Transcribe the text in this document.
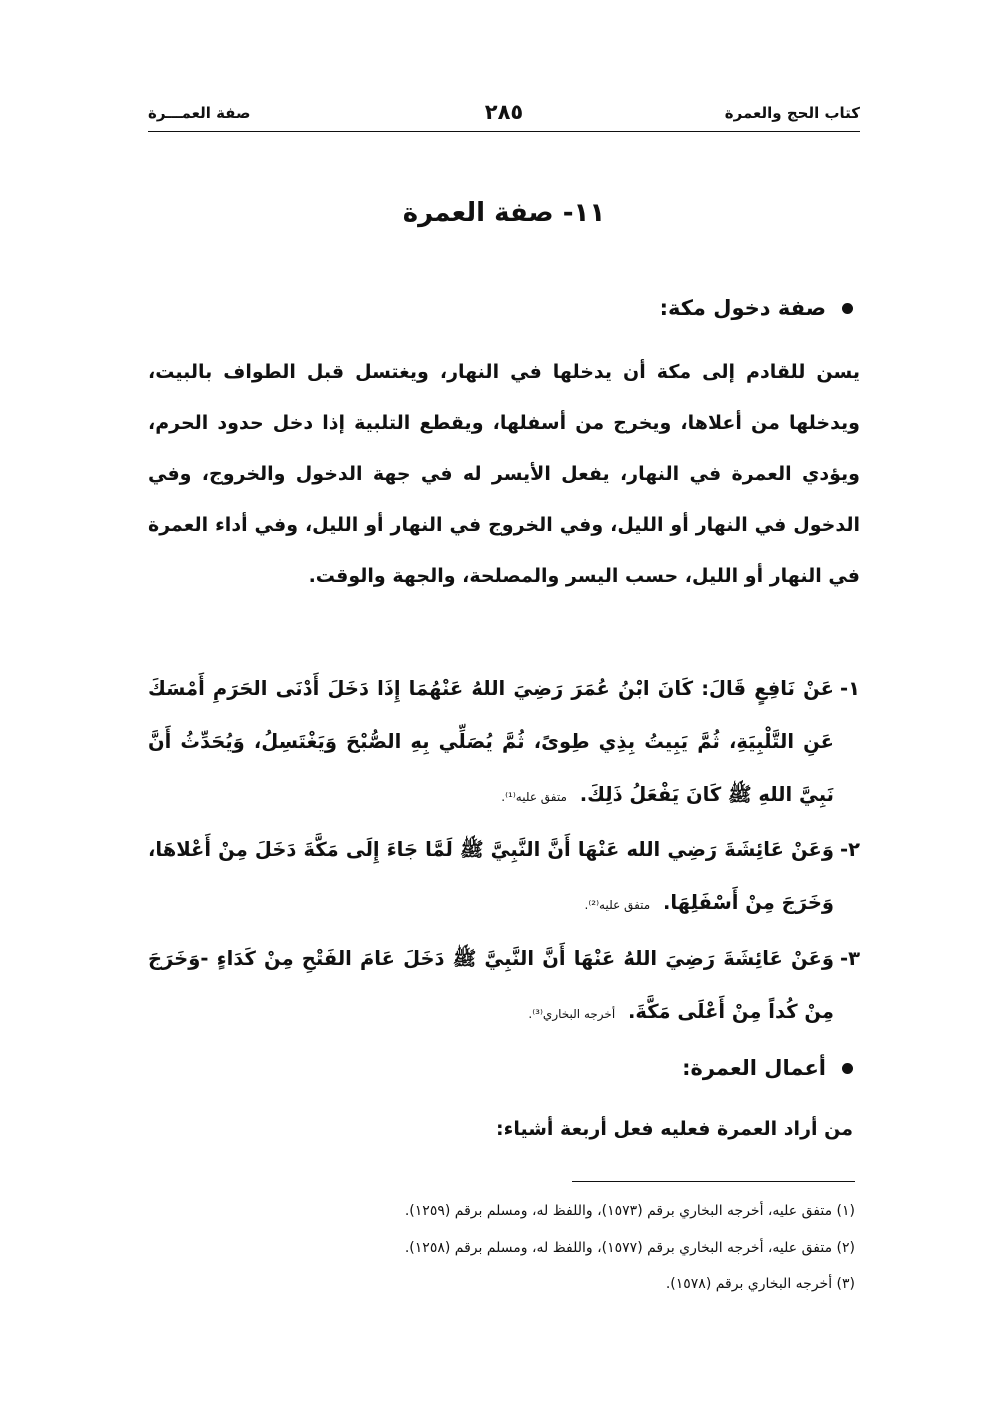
كتاب الحج والعمرة
٢٨٥
صفة العمـــرة
١١- صفة العمرة
صفة دخول مكة:
يسن للقادم إلى مكة أن يدخلها في النهار، ويغتسل قبل الطواف بالبيت، ويدخلها من أعلاها، ويخرج من أسفلها، ويقطع التلبية إذا دخل حدود الحرم، ويؤدي العمرة في النهار، يفعل الأيسر له في جهة الدخول والخروج، وفي الدخول في النهار أو الليل، وفي الخروج في النهار أو الليل، وفي أداء العمرة في النهار أو الليل، حسب اليسر والمصلحة، والجهة والوقت.
١-
عَنْ نَافِعٍ قَالَ: كَانَ ابْنُ عُمَرَ رَضِيَ اللهُ عَنْهُمَا إِذَا دَخَلَ أَدْنَى الحَرَمِ أَمْسَكَ عَنِ التَّلْبِيَةِ، ثُمَّ يَبِيتُ بِذِي طِوىً، ثُمَّ يُصَلِّي بِهِ الصُّبْحَ وَيَغْتَسِلُ، وَيُحَدِّثُ أَنَّ نَبِيَّ اللهِ ﷺ كَانَ يَفْعَلُ ذَلِكَ. متفق عليه⁽¹⁾.
٢-
وَعَنْ عَائِشَةَ رَضِي الله عَنْهَا أَنَّ النَّبِيَّ ﷺ لَمَّا جَاءَ إِلَى مَكَّةَ دَخَلَ مِنْ أَعْلاهَا، وَخَرَجَ مِنْ أَسْفَلِهَا. متفق عليه⁽²⁾.
٣-
وَعَنْ عَائِشَةَ رَضِيَ اللهُ عَنْهَا أَنَّ النَّبِيَّ ﷺ دَخَلَ عَامَ الفَتْحِ مِنْ كَدَاءٍ -وَخَرَجَ مِنْ كُداً مِنْ أَعْلَى مَكَّةَ. أخرجه البخاري⁽³⁾.
أعمال العمرة:
من أراد العمرة فعليه فعل أربعة أشياء:
(١) متفق عليه، أخرجه البخاري برقم (١٥٧٣)، واللفظ له، ومسلم برقم (١٢٥٩).
(٢) متفق عليه، أخرجه البخاري برقم (١٥٧٧)، واللفظ له، ومسلم برقم (١٢٥٨).
(٣) أخرجه البخاري برقم (١٥٧٨).
